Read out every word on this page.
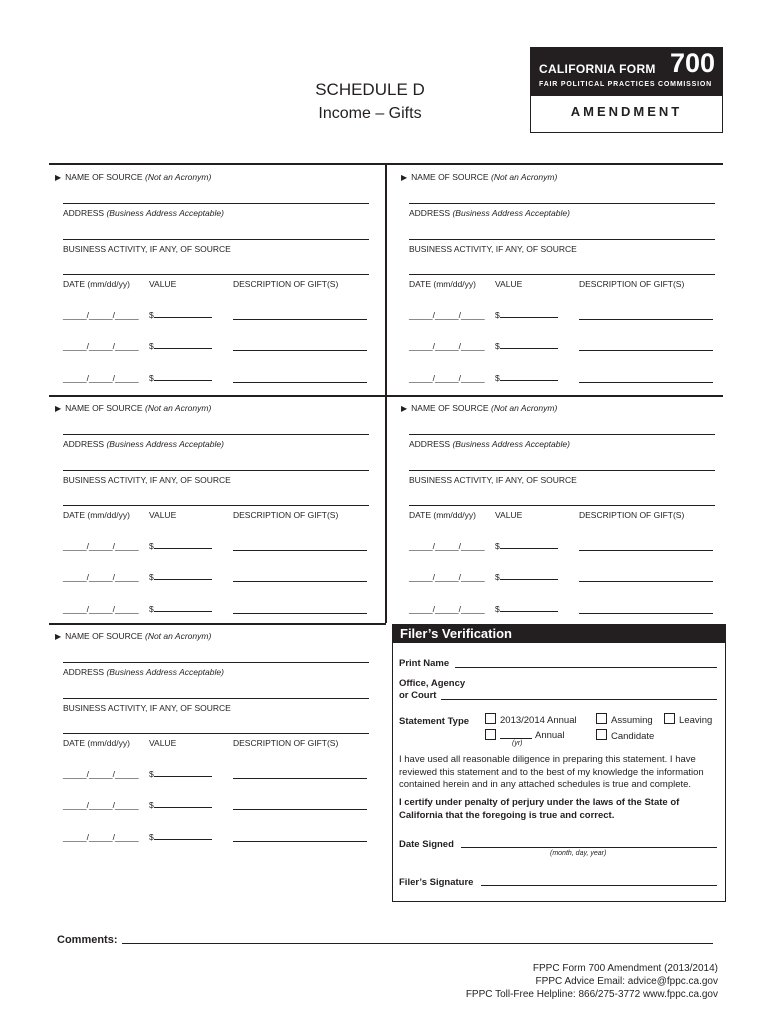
SCHEDULE D
Income – Gifts
CALIFORNIA FORM 700
FAIR POLITICAL PRACTICES COMMISSION
AMENDMENT
▶ NAME OF SOURCE (Not an Acronym)
ADDRESS (Business Address Acceptable)
BUSINESS ACTIVITY, IF ANY, OF SOURCE
DATE (mm/dd/yy) VALUE	DESCRIPTION OF GIFT(S)
_____/_____/_____ $
_____/_____/_____ $
_____/_____/_____ $
▶ NAME OF SOURCE (Not an Acronym)
ADDRESS (Business Address Acceptable)
BUSINESS ACTIVITY, IF ANY, OF SOURCE
DATE (mm/dd/yy) VALUE	DESCRIPTION OF GIFT(S)
_____/_____/_____ $
_____/_____/_____ $
_____/_____/_____ $
▶ NAME OF SOURCE (Not an Acronym)
ADDRESS (Business Address Acceptable)
BUSINESS ACTIVITY, IF ANY, OF SOURCE
DATE (mm/dd/yy) VALUE	DESCRIPTION OF GIFT(S)
_____/_____/_____ $
_____/_____/_____ $
_____/_____/_____ $
▶ NAME OF SOURCE (Not an Acronym)
ADDRESS (Business Address Acceptable)
BUSINESS ACTIVITY, IF ANY, OF SOURCE
DATE (mm/dd/yy) VALUE	DESCRIPTION OF GIFT(S)
_____/_____/_____ $
_____/_____/_____ $
_____/_____/_____ $
▶ NAME OF SOURCE (Not an Acronym)
ADDRESS (Business Address Acceptable)
BUSINESS ACTIVITY, IF ANY, OF SOURCE
DATE (mm/dd/yy) VALUE	DESCRIPTION OF GIFT(S)
_____/_____/_____ $
_____/_____/_____ $
_____/_____/_____ $
Filer’s Verification
Print Name
Office, Agency
or Court
Statement Type	2013/2014 Annual	Assuming	Leaving
Annual
(yr)
Candidate
I have used all reasonable diligence in preparing this statement. I have reviewed this statement and to the best of my knowledge the information contained herein and in any attached schedules is true and complete.
I certify under penalty of perjury under the laws of the State of California that the foregoing is true and correct.
Date Signed
(month, day, year)
Filer’s Signature
Comments:
FPPC Form 700 Amendment (2013/2014)
FPPC Advice Email: advice@fppc.ca.gov
FPPC Toll-Free Helpline: 866/275-3772 www.fppc.ca.gov
